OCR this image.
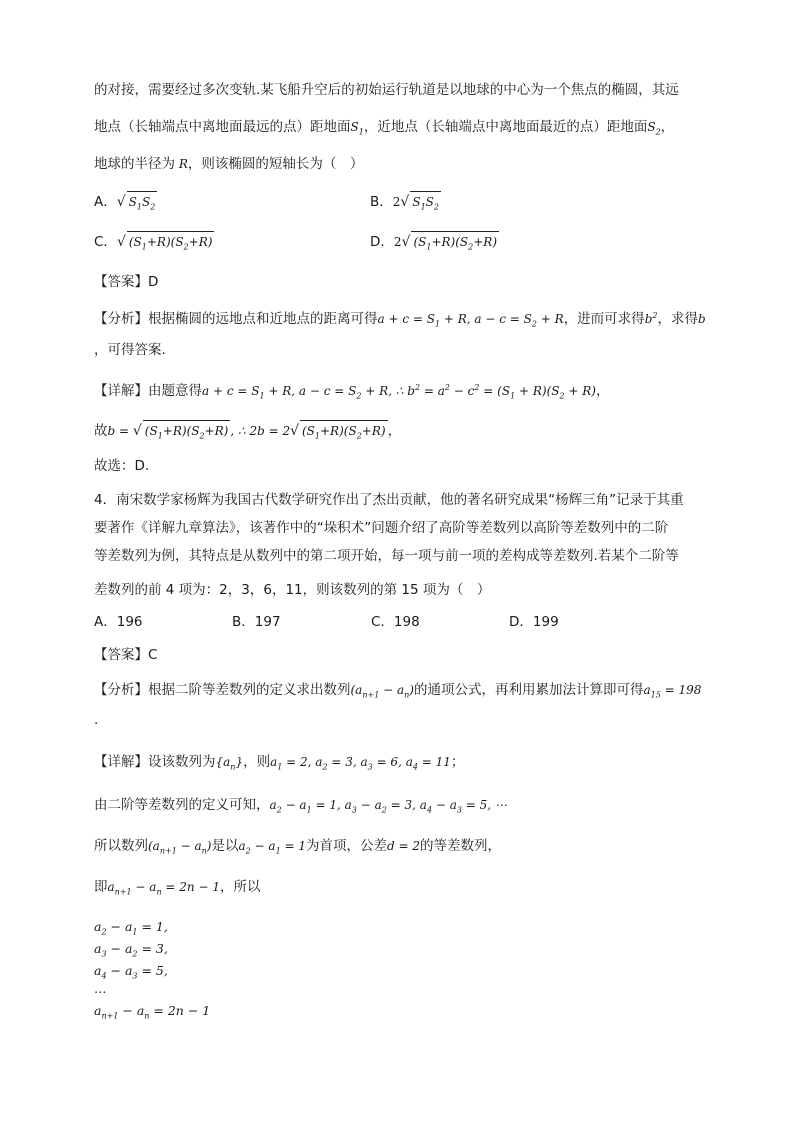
的对接，需要经过多次变轨.某飞船升空后的初始运行轨道是以地球的中心为一个焦点的椭圆，其远
地点（长轴端点中离地面最远的点）距地面$S_1$，近地点（长轴端点中离地面最近的点）距地面$S_2$，
地球的半径为 R，则该椭圆的短轴长为（　）
A．√ $S_1S_2$	B．2√ $S_1S_2$
C．√ $(S_1+R)(S_2+R)$	D．2√ $(S_1+R)(S_2+R)$
【答案】D
【分析】根据椭圆的远地点和近地点的距离可得$a + c = S_1 + R$, $a - c = S_2 + R$，进而可求得$b^2$，求得b
，可得答案.
【详解】由题意得$a + c = S_1 + R$, $a - c = S_2 + R$, ∴ $b^2 = a^2 - c^2 = (S_1 + R)(S_2 + R)$，
故b = √ $(S_1+R)(S_2+R)$ , ∴ 2b = 2√ $(S_1+R)(S_2+R)$ ，
故选：D.
4．南宋数学家杨辉为我国古代数学研究作出了杰出贡献，他的著名研究成果“杨辉三角”记录于其重
要著作《详解九章算法》，该著作中的“垛积术”问题介绍了高阶等差数列以高阶等差数列中的二阶
等差数列为例，其特点是从数列中的第二项开始，每一项与前一项的差构成等差数列.若某个二阶等
差数列的前 4 项为：2，3，6，11，则该数列的第 15 项为（　）
A．196	B．197	C．198	D．199
【答案】C
【分析】根据二阶等差数列的定义求出数列$(a_{n+1} - a_n)$的通项公式，再利用累加法计算即可得$a_{15} = 198$
.
【详解】设该数列为$\{a_n\}$，则$a_1 = 2$, $a_2 = 3$, $a_3 = 6$, $a_4 = 11$；
由二阶等差数列的定义可知，$a_2 - a_1 = 1$, $a_3 - a_2 = 3$, $a_4 - a_3 = 5$, ⋯
所以数列$(a_{n+1} - a_n)$是以$a_2 - a_1 = 1$为首项，公差d = 2的等差数列，
即$a_{n+1} - a_n = 2n - 1$，所以
$a_2 - a_1 = 1$,
$a_3 - a_2 = 3$,
$a_4 - a_3 = 5$,
…
$a_{n+1} - a_n = 2n - 1$
